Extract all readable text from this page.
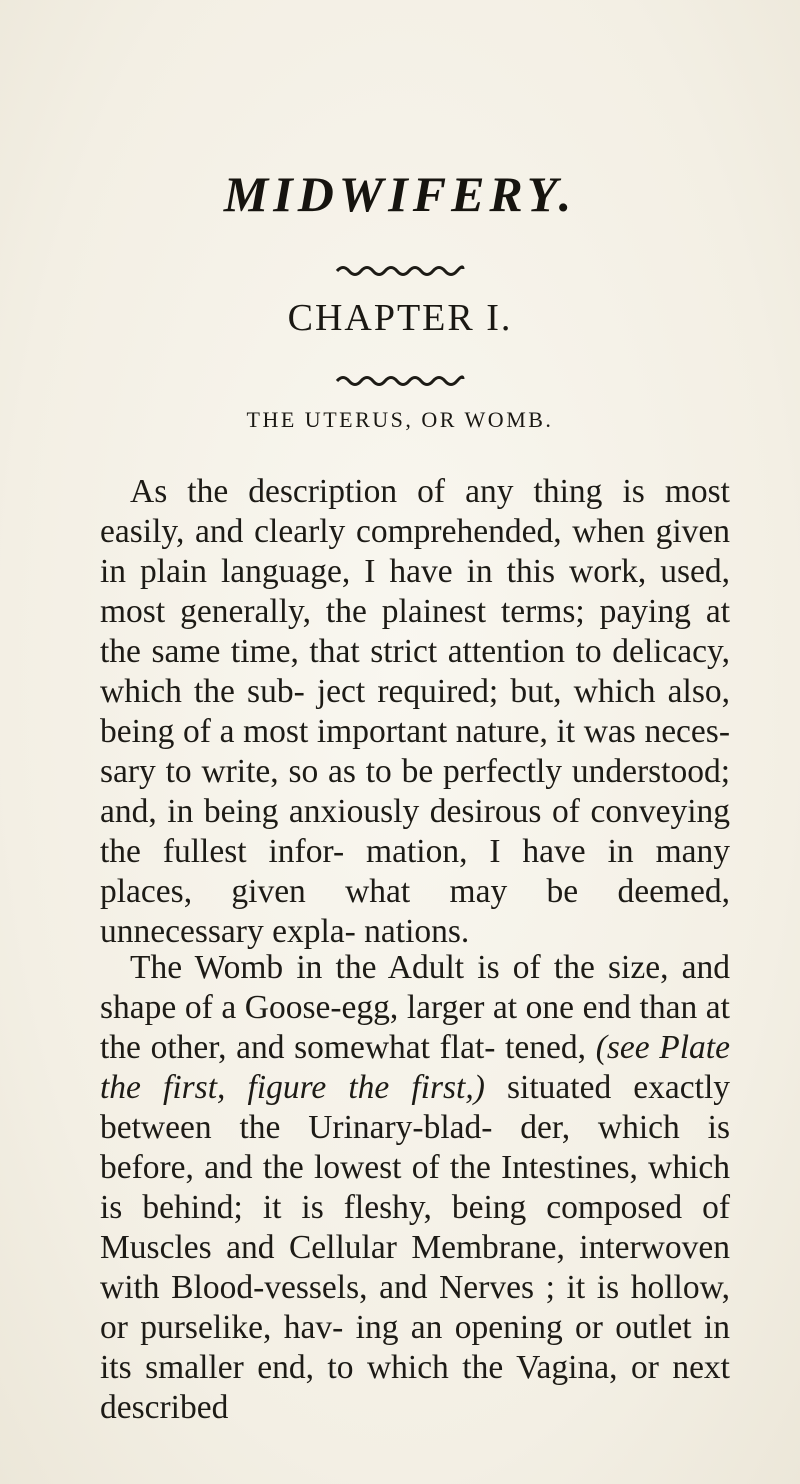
MIDWIFERY.
CHAPTER I.
THE UTERUS, OR WOMB.

As the description of any thing is most easily, and clearly comprehended, when given in plain language, I have in this work, used, most generally, the plainest terms; paying at the same time, that strict attention to delicacy, which the sub- ject required; but, which also, being of a most important nature, it was neces- sary to write, so as to be perfectly understood; and, in being anxiously desirous of conveying the fullest infor- mation, I have in many places, given what may be deemed, unnecessary expla- nations.

The Womb in the Adult is of the size, and shape of a Goose-egg, larger at one end than at the other, and somewhat flat- tened, (see Plate the first, figure the first,) situated exactly between the Urinary-blad- der, which is before, and the lowest of the Intestines, which is behind; it is fleshy, being composed of Muscles and Cellular Membrane, interwoven with Blood-vessels, and Nerves ; it is hollow, or purselike, hav- ing an opening or outlet in its smaller end, to which the Vagina, or next described
